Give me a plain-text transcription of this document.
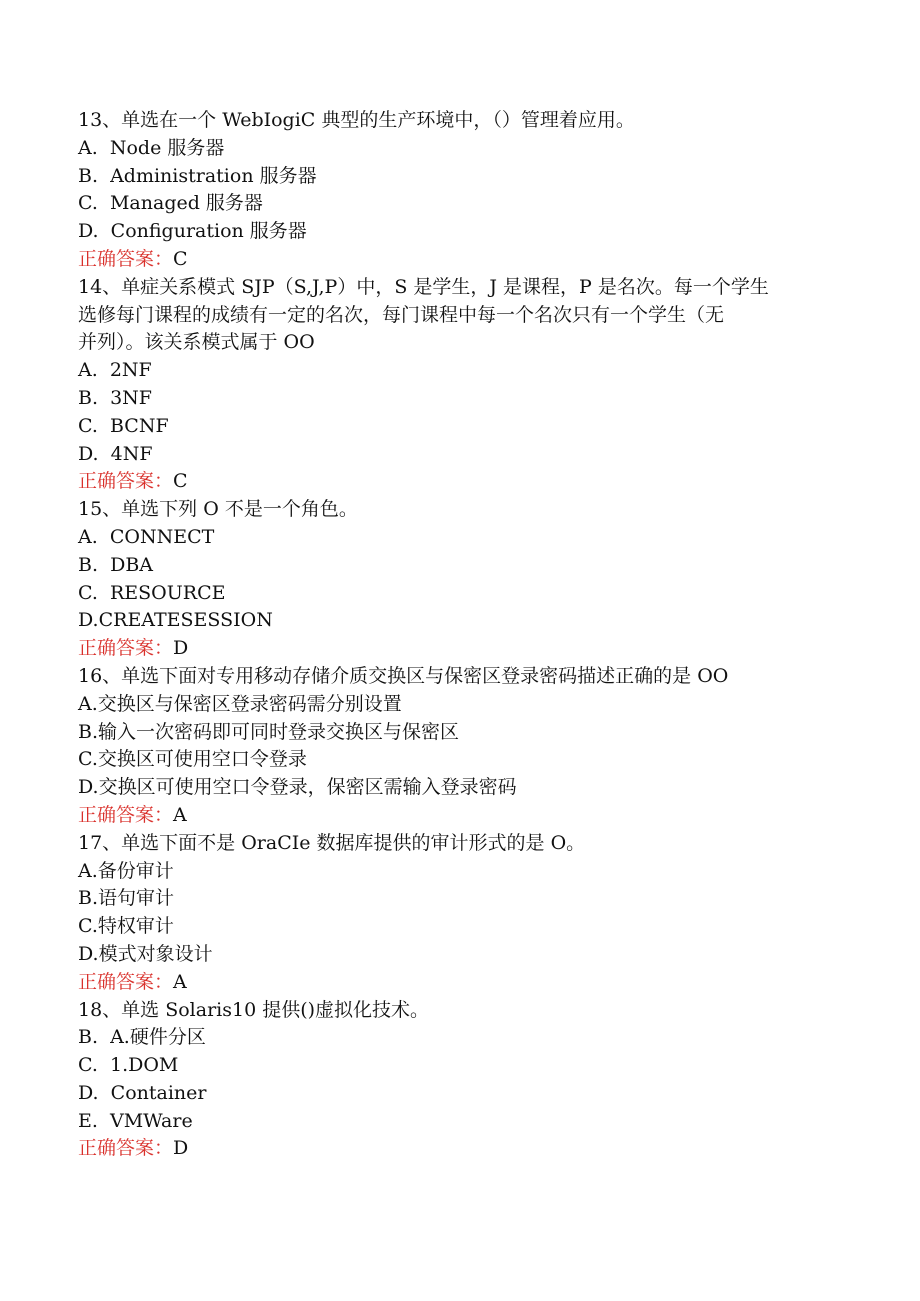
13、单选在一个 WebIogiC 典型的生产环境中，（）管理着应用。

A.  Node 服务器

B.  Administration 服务器

C.  Managed 服务器

D.  Configuration 服务器

正确答案：C

14、单症关系模式 SJP（S,J,P）中，S 是学生，J 是课程，P 是名次。每一个学生

选修每门课程的成绩有一定的名次，每门课程中每一个名次只有一个学生（无

并列）。该关系模式属于 OO

A.  2NF

B.  3NF

C.  BCNF

D.  4NF

正确答案：C

15、单选下列 O 不是一个角色。

A.  CONNECT

B.  DBA

C.  RESOURCE

D.CREATESESSION

正确答案：D

16、单选下面对专用移动存储介质交换区与保密区登录密码描述正确的是 OO

A.交换区与保密区登录密码需分别设置

B.输入一次密码即可同时登录交换区与保密区

C.交换区可使用空口令登录

D.交换区可使用空口令登录，保密区需输入登录密码

正确答案：A

17、单选下面不是 OraCIe 数据库提供的审计形式的是 O。

A.备份审计

B.语句审计

C.特权审计

D.模式对象设计

正确答案：A

18、单选 Solaris10 提供()虚拟化技术。

B.  A.硬件分区

C.  1.DOM

D.  Container

E.  VMWare

正确答案：D
